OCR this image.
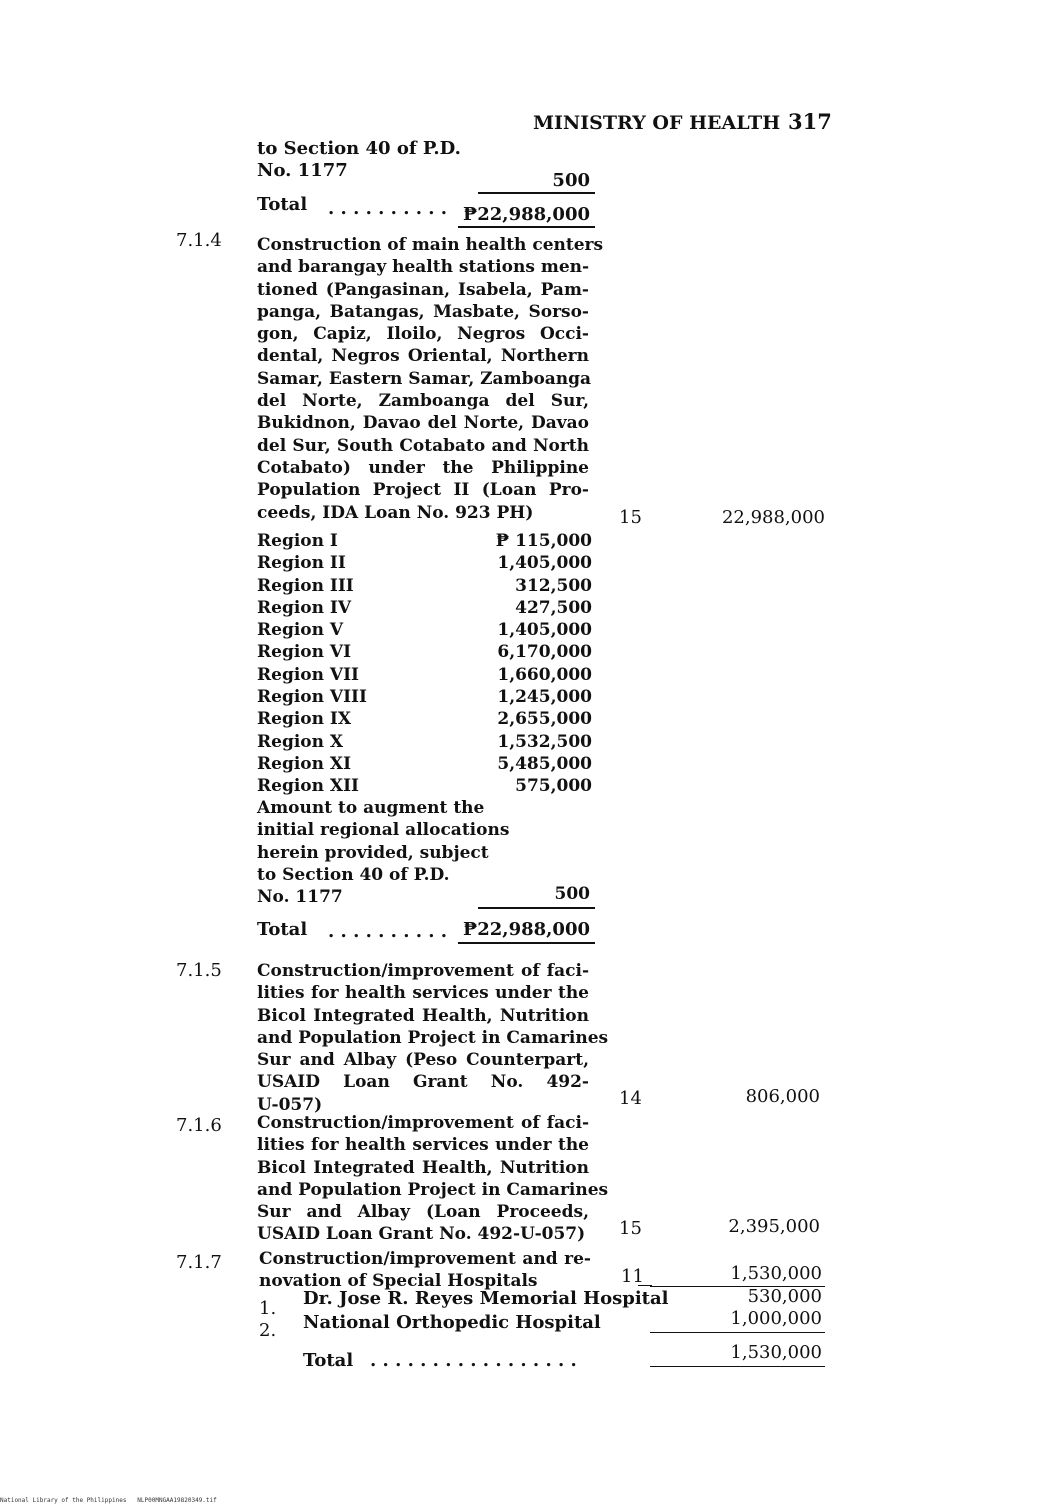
MINISTRY OF HEALTH 317
to Section 40 of P.D.
No. 1177	500
Total . . . . . . . . . . ₱22,988,000
7.1.4 Construction of main health centers
and barangay health stations men-
tioned (Pangasinan, Isabela, Pam-
panga, Batangas, Masbate, Sorso-
gon, Capiz, Iloilo, Negros Occi-
dental, Negros Oriental, Northern
Samar, Eastern Samar, Zamboanga
del Norte, Zamboanga del Sur,
Bukidnon, Davao del Norte, Davao
del Sur, South Cotabato and North
Cotabato) under the Philippine
Population Project II (Loan Pro-
ceeds, IDA Loan No. 923 PH)	15	22,988,000
Region I	₱ 115,000
Region II	1,405,000
Region III	312,500
Region IV	427,500
Region V	1,405,000
Region VI	6,170,000
Region VII	1,660,000
Region VIII	1,245,000
Region IX	2,655,000
Region X	1,532,500
Region XI	5,485,000
Region XII	575,000
Amount to augment the
initial regional allocations
herein provided, subject
to Section 40 of P.D.
No. 1177	500
Total . . . . . . . . . . ₱22,988,000
7.1.5 Construction/improvement of faci-
lities for health services under the
Bicol Integrated Health, Nutrition
and Population Project in Camarines
Sur and Albay (Peso Counterpart,
USAID Loan Grant No. 492-
U-057)	14	806,000
7.1.6 Construction/improvement of faci-
lities for health services under the
Bicol Integrated Health, Nutrition
and Population Project in Camarines
Sur and Albay (Loan Proceeds,
USAID Loan Grant No. 492-U-057) 15	2,395,000
7.1.7 Construction/improvement and re-
novation of Special Hospitals	11	1,530,000
1. Dr. Jose R. Reyes Memorial Hospital	530,000
2. National Orthopedic Hospital	1,000,000
Total . . . . . . . . . . . . . . . . .	1,530,000
National Library of the Philippines NLP00MNGAA19820349.tif
